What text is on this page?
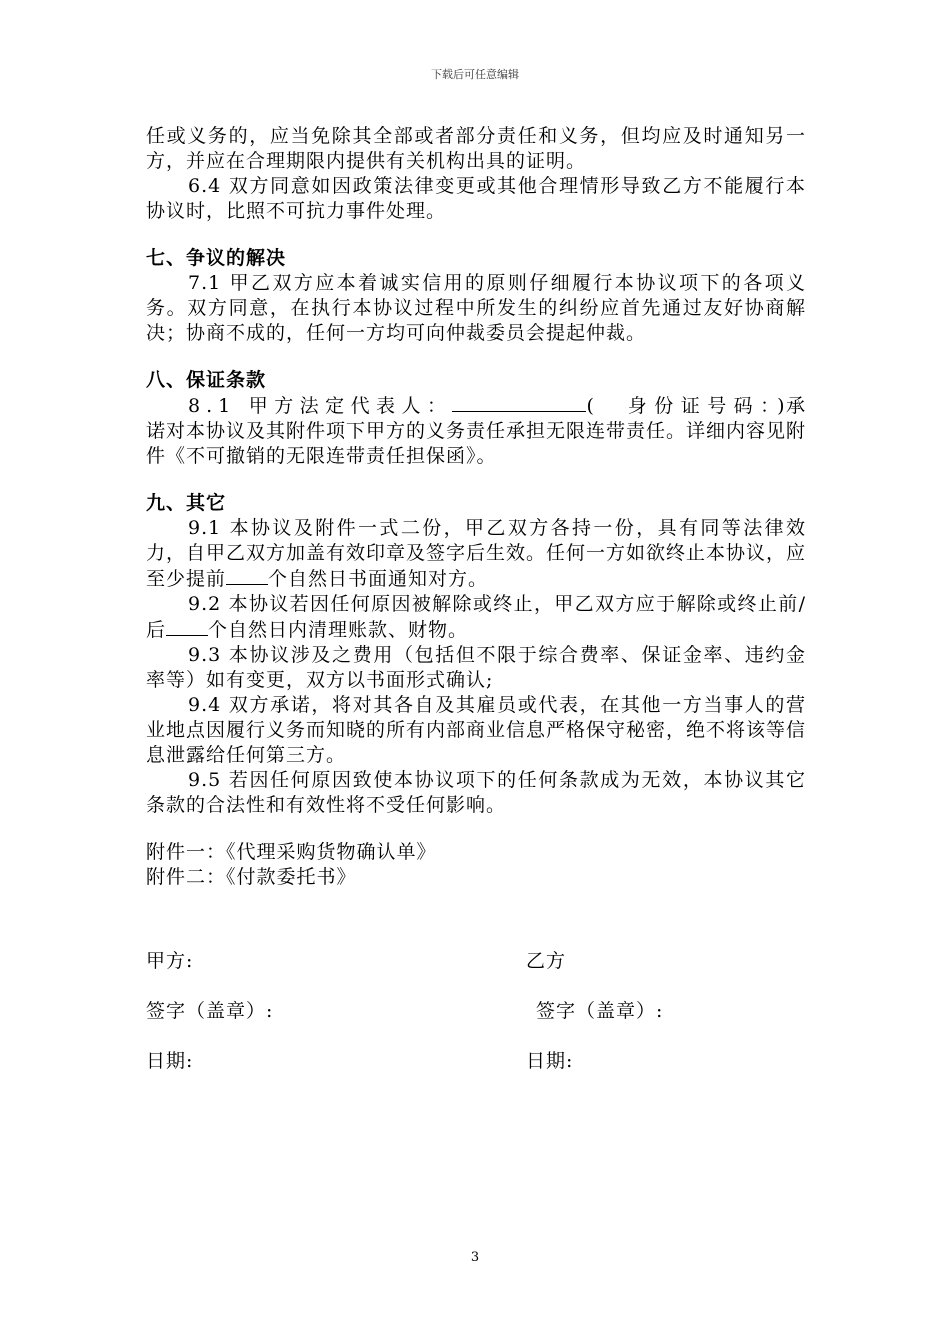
下载后可任意编辑

任或义务的，应当免除其全部或者部分责任和义务，但均应及时通知另一方，并应在合理期限内提供有关机构出具的证明。

6.4 双方同意如因政策法律变更或其他合理情形导致乙方不能履行本协议时，比照不可抗力事件处理。

七、争议的解决

7.1 甲乙双方应本着诚实信用的原则仔细履行本协议项下的各项义务。双方同意，在执行本协议过程中所发生的纠纷应首先通过友好协商解决；协商不成的，任何一方均可向仲裁委员会提起仲裁。

八、保证条款

8.1 甲方法定代表人：	(　身份证号码：)承诺对本协议及其附件项下甲方的义务责任承担无限连带责任。详细内容见附件《不可撤销的无限连带责任担保函》。

九、其它

9.1 本协议及附件一式二份，甲乙双方各持一份，具有同等法律效力，自甲乙双方加盖有效印章及签字后生效。任何一方如欲终止本协议，应至少提前 个自然日书面通知对方。

9.2 本协议若因任何原因被解除或终止，甲乙双方应于解除或终止前/后 个自然日内清理账款、财物。

9.3 本协议涉及之费用（包括但不限于综合费率、保证金率、违约金率等）如有变更，双方以书面形式确认;

9.4 双方承诺，将对其各自及其雇员或代表，在其他一方当事人的营业地点因履行义务而知晓的所有内部商业信息严格保守秘密，绝不将该等信息泄露给任何第三方。

9.5 若因任何原因致使本协议项下的任何条款成为无效，本协议其它条款的合法性和有效性将不受任何影响。

附件一：《代理采购货物确认单》

附件二：《付款委托书》

甲方:	乙方
签字（盖章）:	签字（盖章）:
日期:	日期:
3
